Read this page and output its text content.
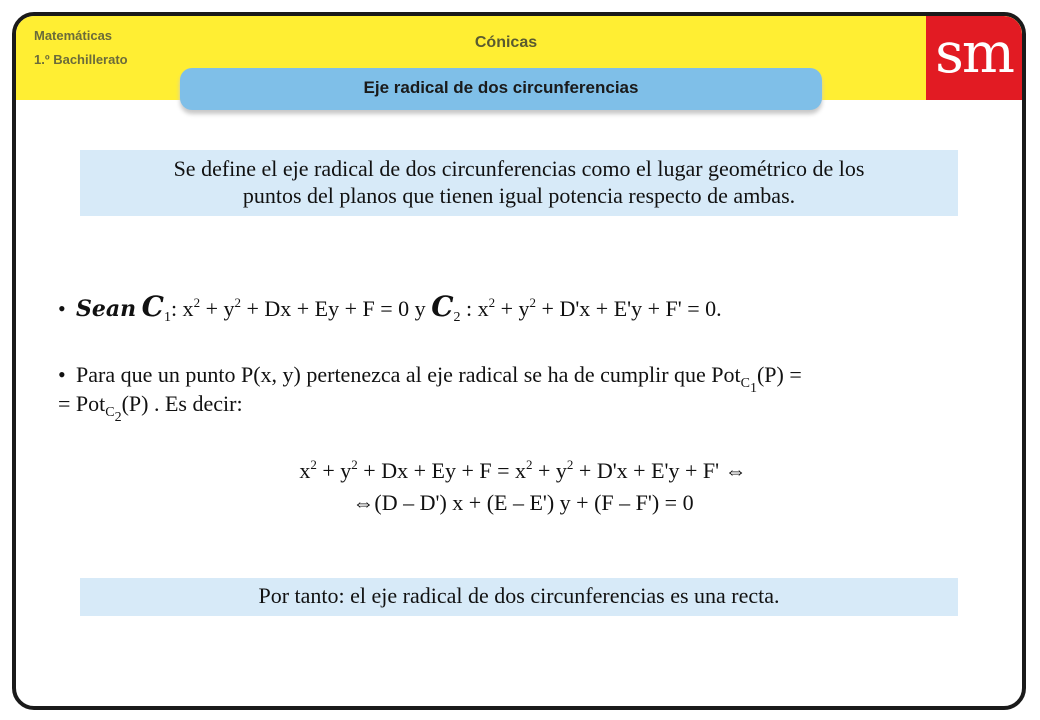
Matemáticas
1.º Bachillerato
Cónicas	sm
Eje radical de dos circunferencias
Se define el eje radical de dos circunferencias como el lugar geométrico de los
puntos del planos que tienen igual potencia respecto de ambas.
• Sean $C_1$: $x^2 + y^2 + Dx + Ey + F = 0$ y $C_2$ : $x^2 + y^2 + D'x + E'y + F' = 0$.
• Para que un punto P(x, y) pertenezca al eje radical se ha de cumplir que Pot$_{C_1}$(P) =
= Pot$_{C_2}$(P) . Es decir:
$x^2 + y^2 + Dx + Ey + F = x^2 + y^2 + D'x + E'y + F'$ ⇔
⇔(D – D') x + (E – E') y + (F – F') = 0
Por tanto: el eje radical de dos circunferencias es una recta.
